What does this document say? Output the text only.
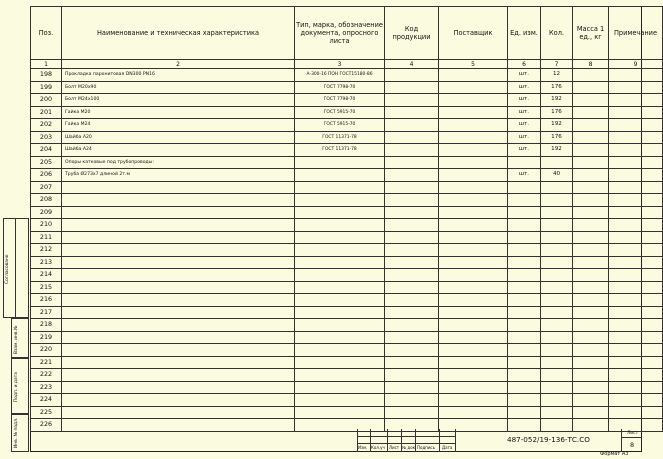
Поз.	Наименование и техническая характеристика	Тип, марка, обозначение документа, опросного листа	Код продукции	Поставщик	Ед. изм.	Кол.	Масса 1 ед., кг	Примечание
1	2	3	4	5	6	7	8	9
198	Прокладка паронитовая DN300 PN16	А-300-16 ПОН ГОСТ15180-86			шт.	12		
199	Болт М20х90	ГОСТ 7798-70			шт.	176		
200	Болт М24х100	ГОСТ 7798-70			шт.	192		
201	Гайка М20	ГОСТ 5915-70			шт.	176		
202	Гайка М24	ГОСТ 5915-70			шт.	192		
203	Шайба А20	ГОСТ 11371-78			шт.	176		
204	Шайба А24	ГОСТ 11371-78			шт.	192		
205	Опоры катковые под трубопроводы:							
206	Труба Ø273х7 длиной 2т.м				шт.	40		
207								
208								
209								
210								
211								
212								
213								
214								
215								
216								
217								
218								
219								
220								
221								
222								
223								
224								
225								
226								
Согласовано
Взам. инв.№
Подп. и дата
Инв. № подл.	Изм. Кол.уч Лист № док. Подпись Дата
487-052/19-136-ТС.СО
Лист
8
Формат А3
